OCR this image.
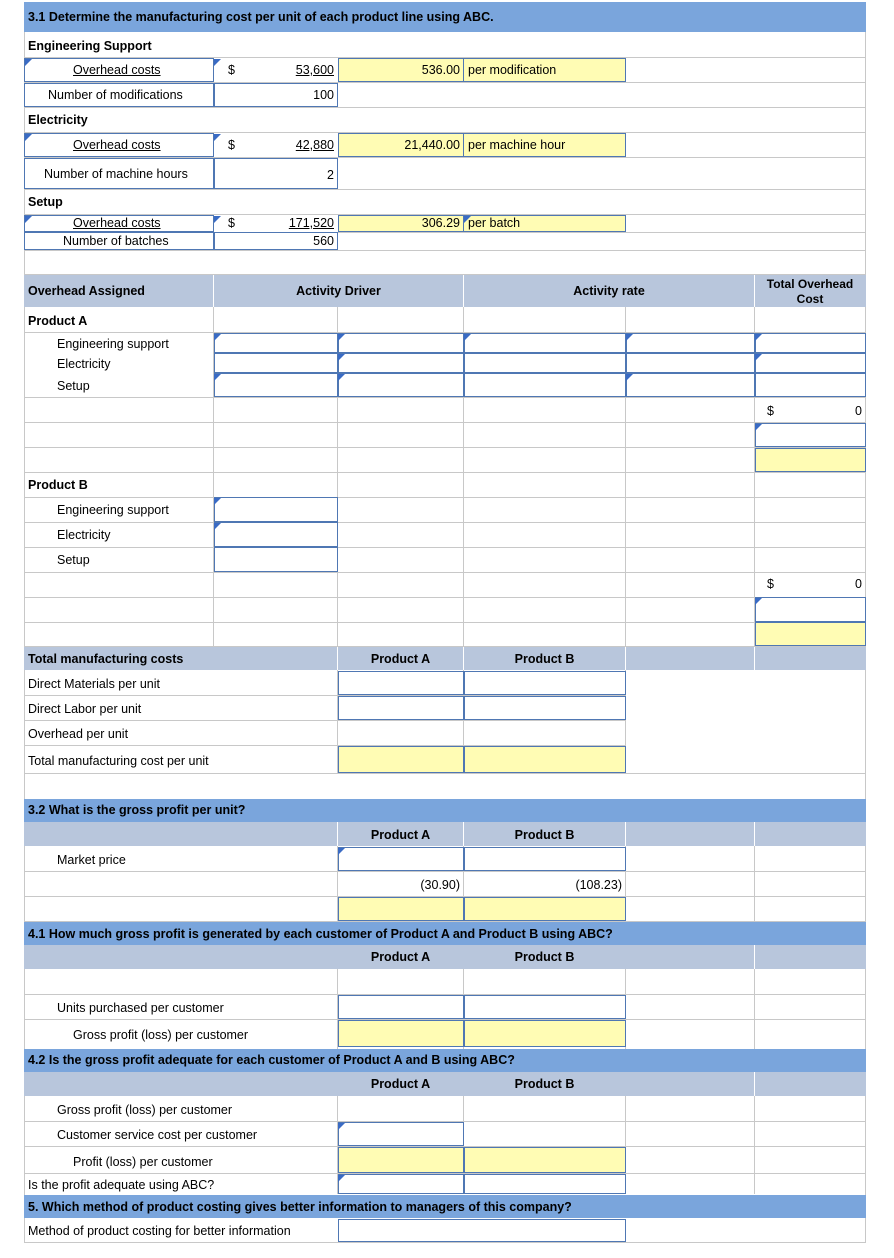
3.1 Determine the manufacturing cost per unit of each product line using ABC.
Engineering Support
Overhead costs	$	53,600	536.00 per modification
Number of modifications	100
Electricity
Overhead costs	$	42,880	21,440.00 per machine hour
Number of machine hours	2
Setup
Overhead costs	$	171,520	306.29 per batch
Number of batches	560
Overhead Assigned	Activity Driver	Activity rate	Total Overhead
Cost
Product A
Engineering support
Electricity
Setup
$	0
Product B
Engineering support
Electricity
Setup
$	0
Total manufacturing costs	Product A	Product B
Direct Materials per unit
Direct Labor per unit
Overhead per unit
Total manufacturing cost per unit
3.2 What is the gross profit per unit?
Product A	Product B
Market price
(30.90)	(108.23)
4.1 How much gross profit is generated by each customer of Product A and Product B using ABC?
Product A	Product B
Units purchased per customer
Gross profit (loss) per customer
4.2 Is the gross profit adequate for each customer of Product A and B using ABC?
Product A	Product B
Gross profit (loss) per customer
Customer service cost per customer
Profit (loss) per customer
Is the profit adequate using ABC?
5. Which method of product costing gives better information to managers of this company?
Method of product costing for better information
